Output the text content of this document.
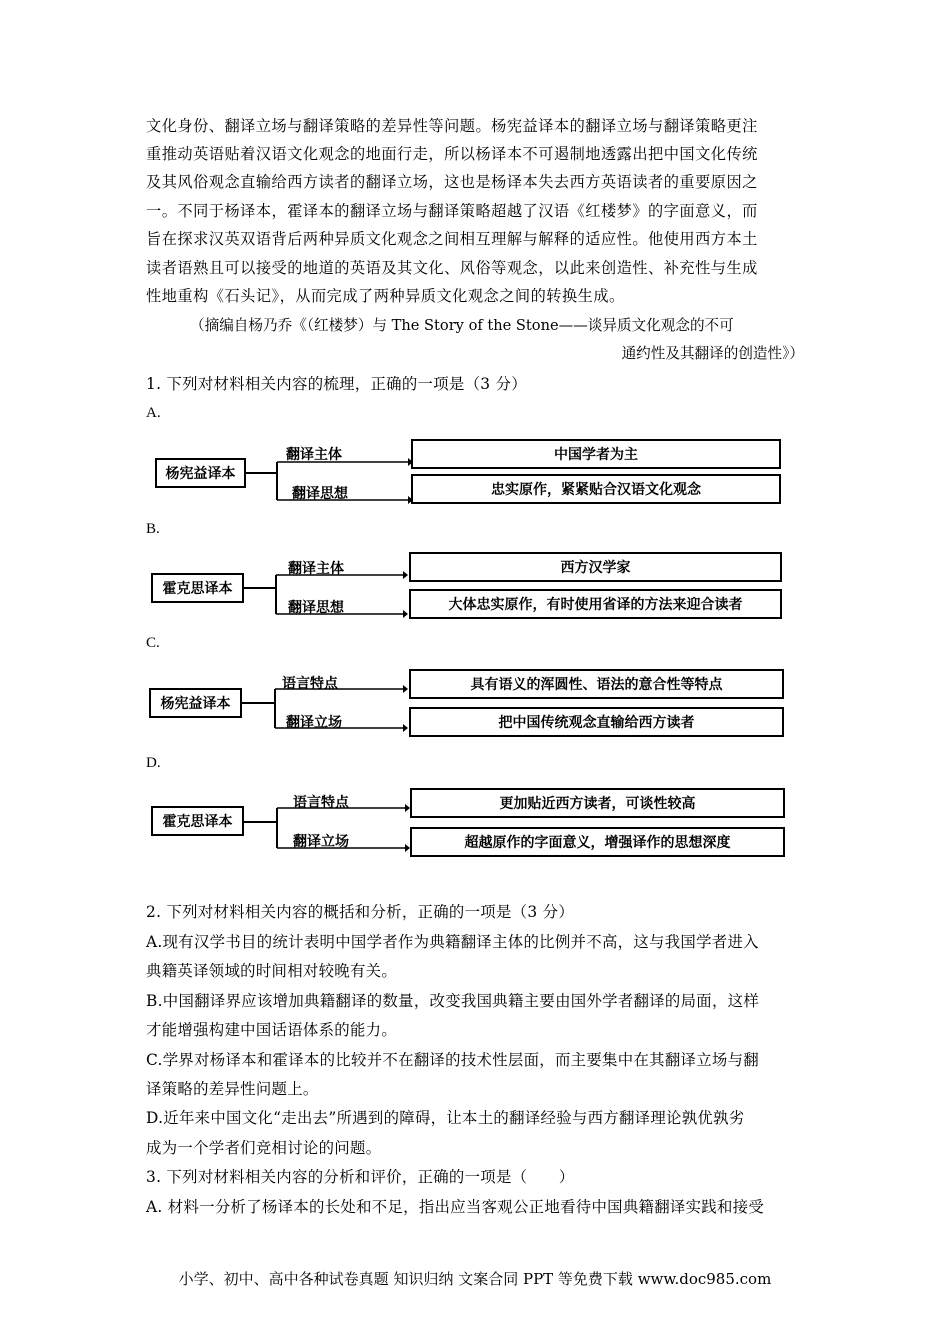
文化身份、翻译立场与翻译策略的差异性等问题。杨宪益译本的翻译立场与翻译策略更注
重推动英语贴着汉语文化观念的地面行走，所以杨译本不可遏制地透露出把中国文化传统
及其风俗观念直输给西方读者的翻译立场，这也是杨译本失去西方英语读者的重要原因之
一。不同于杨译本，霍译本的翻译立场与翻译策略超越了汉语《红楼梦》的字面意义，而
旨在探求汉英双语背后两种异质文化观念之间相互理解与解释的适应性。他使用西方本土
读者语熟且可以接受的地道的英语及其文化、风俗等观念，以此来创造性、补充性与生成
性地重构《石头记》，从而完成了两种异质文化观念之间的转换生成。
（摘编自杨乃乔《（红楼梦）与 The Story of the Stone——谈异质文化观念的不可
通约性及其翻译的创造性》）
1. 下列对材料相关内容的梳理，正确的一项是（3 分）
A.
杨宪益译本
翻译主体
翻译思想
中国学者为主
忠实原作，紧紧贴合汉语文化观念
B.
霍克思译本
翻译主体
翻译思想
西方汉学家
大体忠实原作，有时使用省译的方法来迎合读者
C.
杨宪益译本
语言特点
翻译立场
具有语义的浑圆性、语法的意合性等特点
把中国传统观念直输给西方读者
D.
霍克思译本
语言特点
翻译立场
更加贴近西方读者，可谈性较高
超越原作的字面意义，增强译作的思想深度
2. 下列对材料相关内容的概括和分析，正确的一项是（3 分）
A.现有汉学书目的统计表明中国学者作为典籍翻译主体的比例并不高，这与我国学者进入
典籍英译领域的时间相对较晚有关。
B.中国翻译界应该增加典籍翻译的数量，改变我国典籍主要由国外学者翻译的局面，这样
才能增强构建中国话语体系的能力。
C.学界对杨译本和霍译本的比较并不在翻译的技术性层面，而主要集中在其翻译立场与翻
译策略的差异性问题上。
D.近年来中国文化“走出去”所遇到的障碍，让本土的翻译经验与西方翻译理论孰优孰劣
成为一个学者们竞相讨论的问题。
3. 下列对材料相关内容的分析和评价，正确的一项是（　　）
A. 材料一分析了杨译本的长处和不足，指出应当客观公正地看待中国典籍翻译实践和接受
小学、初中、高中各种试卷真题 知识归纳 文案合同 PPT 等免费下载 www.doc985.com
